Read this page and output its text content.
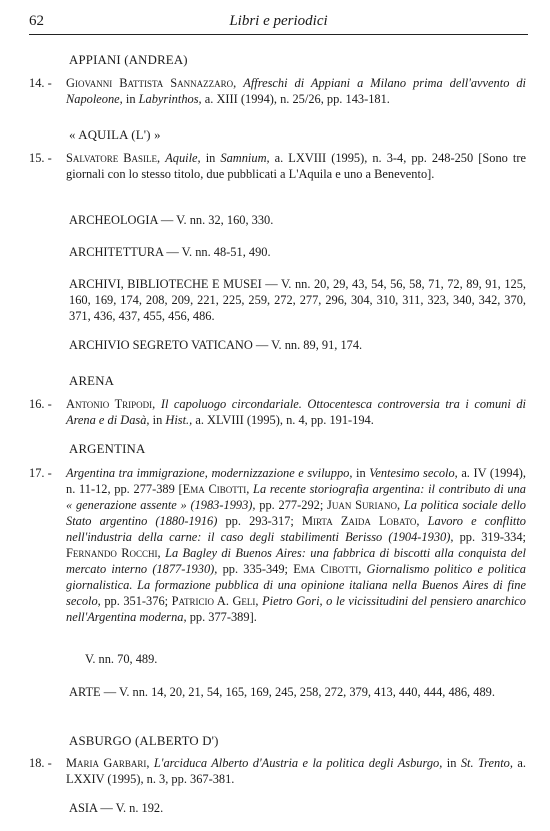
62	Libri e periodici
APPIANI (ANDREA)
14. - Giovanni Battista Sannazzaro, Affreschi di Appiani a Milano prima dell'avvento di Napoleone, in Labyrinthos, a. XIII (1994), n. 25/26, pp. 143-181.
« AQUILA (L') »
15. - Salvatore Basile, Aquile, in Samnium, a. LXVIII (1995), n. 3-4, pp. 248-250 [Sono tre giornali con lo stesso titolo, due pubblicati a L'Aquila e uno a Benevento].
ARCHEOLOGIA — V. nn. 32, 160, 330.
ARCHITETTURA — V. nn. 48-51, 490.
ARCHIVI, BIBLIOTECHE E MUSEI — V. nn. 20, 29, 43, 54, 56, 58, 71, 72, 89, 91, 125, 160, 169, 174, 208, 209, 221, 225, 259, 272, 277, 296, 304, 310, 311, 323, 340, 342, 370, 371, 436, 437, 455, 456, 486.
ARCHIVIO SEGRETO VATICANO — V. nn. 89, 91, 174.
ARENA
16. - Antonio Tripodi, Il capoluogo circondariale. Ottocentesca controversia tra i comuni di Arena e di Dasà, in Hist., a. XLVIII (1995), n. 4, pp. 191-194.
ARGENTINA
17. - Argentina tra immigrazione, modernizzazione e sviluppo, in Ventesimo secolo, a. IV (1994), n. 11-12, pp. 277-389 [Ema Cibotti, La recente storiografia argentina: il contributo di una « generazione assente » (1983-1993), pp. 277-292; Juan Suriano, La politica sociale dello Stato argentino (1880-1916) pp. 293-317; Mirta Zaida Lobato, Lavoro e conflitto nell'industria della carne: il caso degli stabilimenti Berisso (1904-1930), pp. 319-334; Fernando Rocchi, La Bagley di Buenos Aires: una fabbrica di biscotti alla conquista del mercato interno (1877-1930), pp. 335-349; Ema Cibotti, Giornalismo politico e politica giornalistica. La formazione pubblica di una opinione italiana nella Buenos Aires di fine secolo, pp. 351-376; Patricio A. Geli, Pietro Gori, o le vicissitudini del pensiero anarchico nell'Argentina moderna, pp. 377-389].
V. nn. 70, 489.
ARTE — V. nn. 14, 20, 21, 54, 165, 169, 245, 258, 272, 379, 413, 440, 444, 486, 489.
ASBURGO (ALBERTO D')
18. - Maria Garbari, L'arciduca Alberto d'Austria e la politica degli Asburgo, in St. Trento, a. LXXIV (1995), n. 3, pp. 367-381.
ASIA — V. n. 192.
